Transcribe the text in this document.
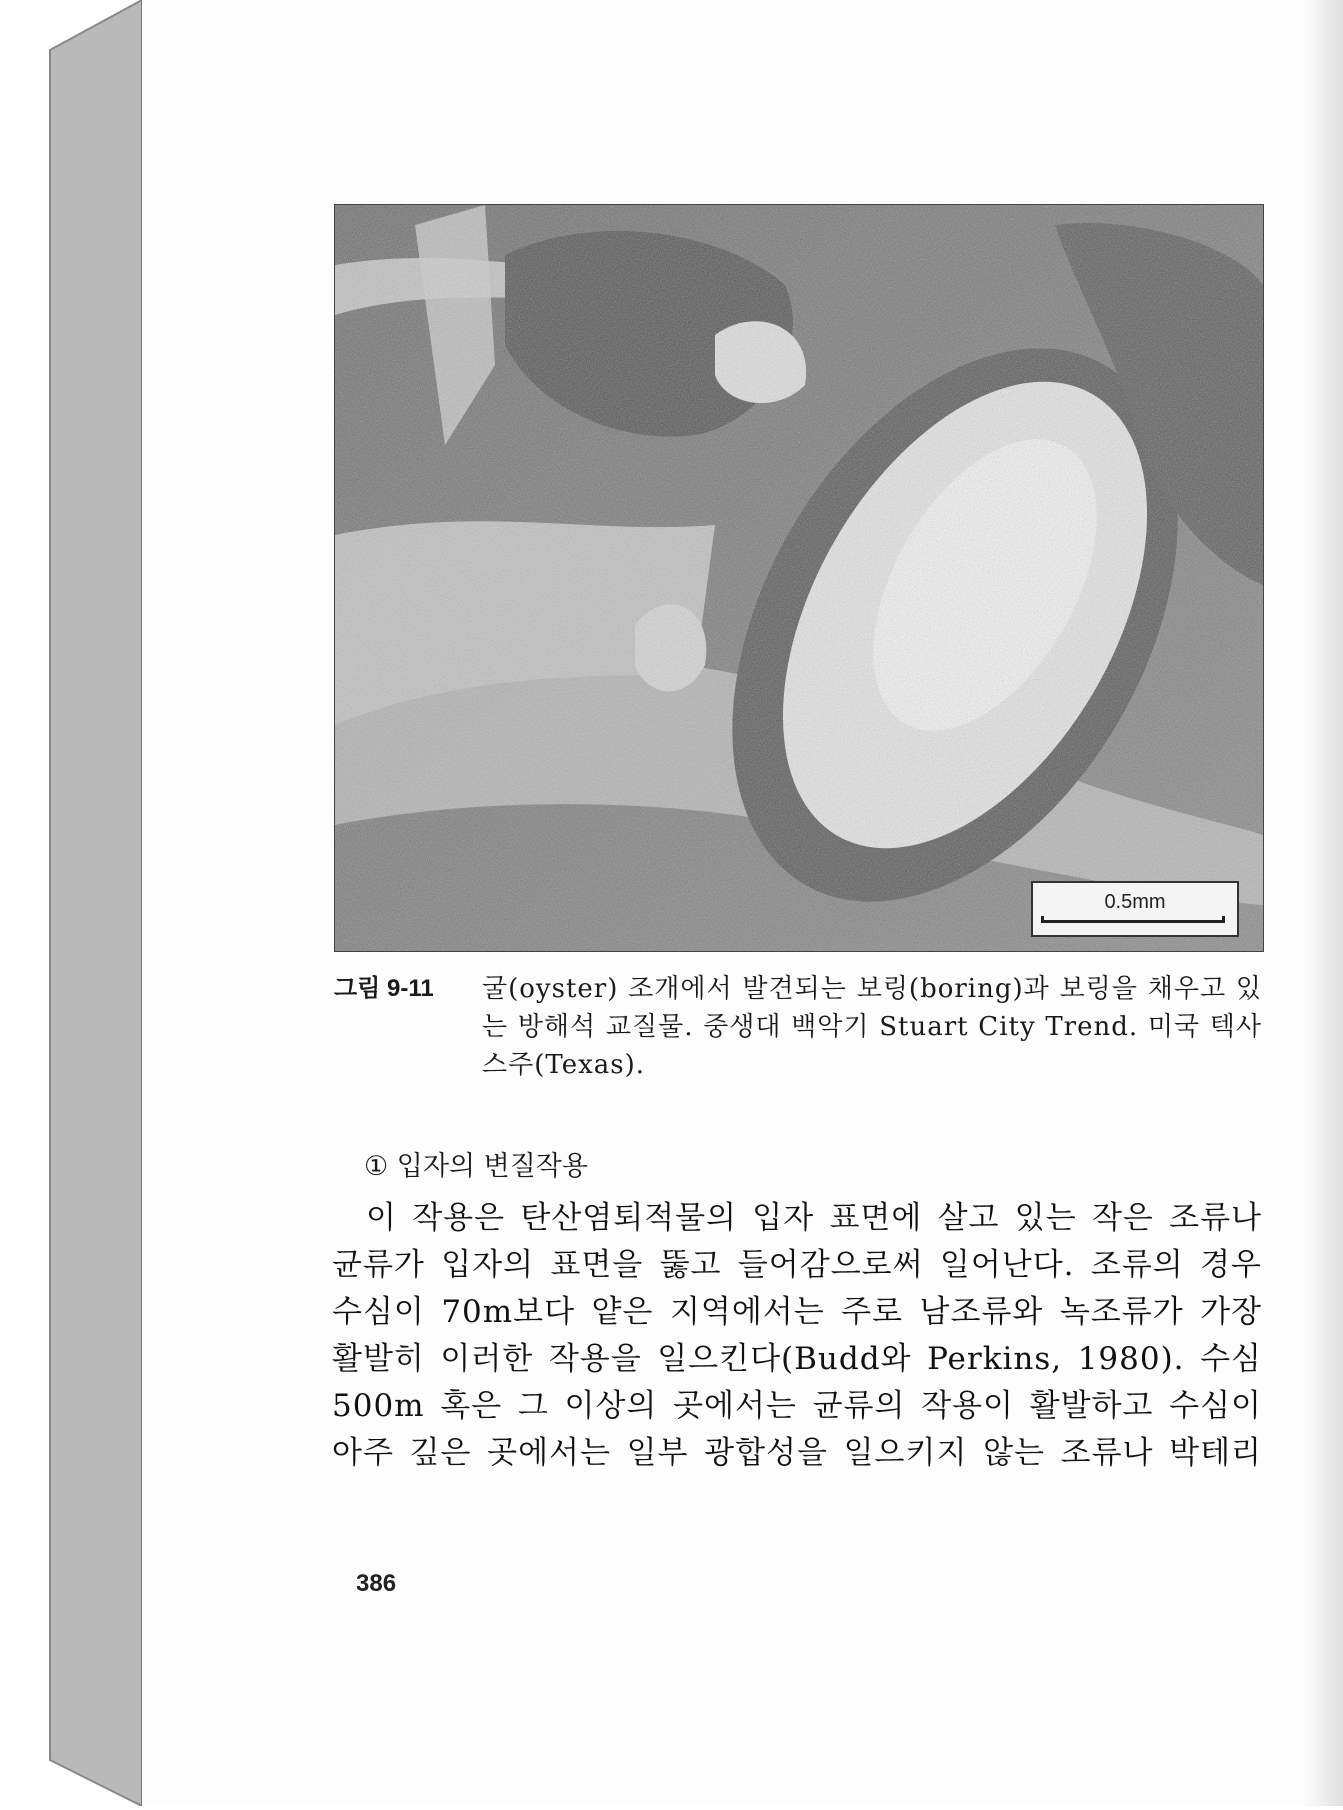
0.5mm
그림 9-11	굴(oyster) 조개에서 발견되는 보링(boring)과 보링을 채우고 있는 방해석 교질물. 중생대 백악기 Stuart City Trend. 미국 텍사스주(Texas).
① 입자의 변질작용
이 작용은 탄산염퇴적물의 입자 표면에 살고 있는 작은 조류나
균류가 입자의 표면을 뚫고 들어감으로써 일어난다. 조류의 경우
수심이 70m보다 얕은 지역에서는 주로 남조류와 녹조류가 가장
활발히 이러한 작용을 일으킨다(Budd와 Perkins, 1980). 수심
500m 혹은 그 이상의 곳에서는 균류의 작용이 활발하고 수심이
아주 깊은 곳에서는 일부 광합성을 일으키지 않는 조류나 박테리
386
